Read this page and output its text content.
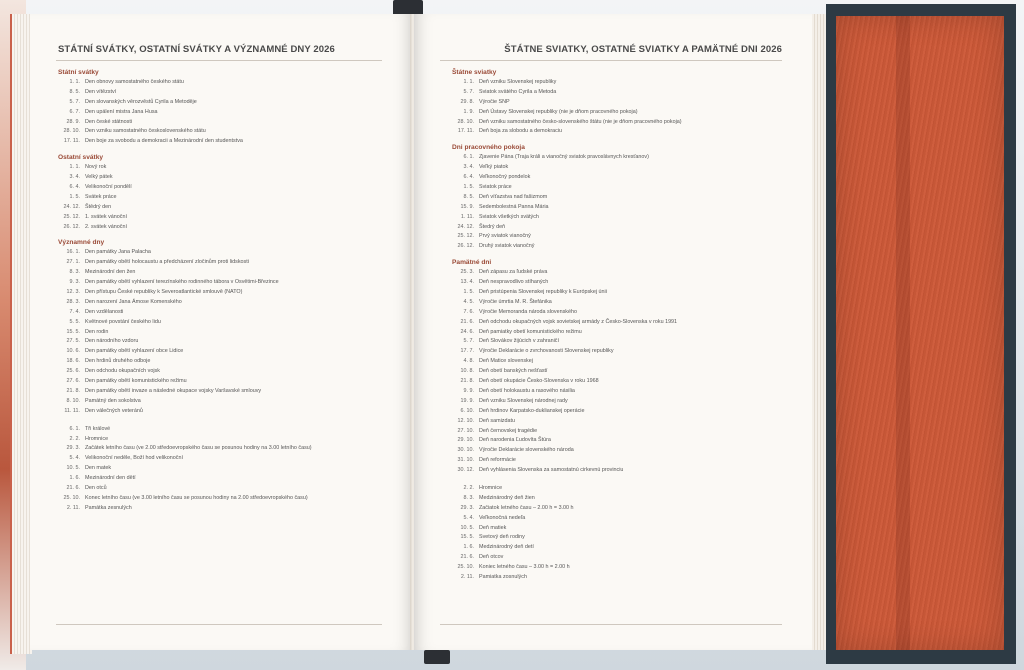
STÁTNÍ SVÁTKY, OSTATNÍ SVÁTKY A VÝZNAMNÉ DNY 2026
Státní svátky
1. 1. Den obnovy samostatného českého státu
8. 5. Den vítězství
5. 7. Den slovanských věrozvěstů Cyrila a Metoděje
6. 7. Den upálení mistra Jana Husa
28. 9. Den české státnosti
28. 10. Den vzniku samostatného československého státu
17. 11. Den boje za svobodu a demokracii a Mezinárodní den studentstva
Ostatní svátky
1. 1. Nový rok
3. 4. Velký pátek
6. 4. Velikonoční pondělí
1. 5. Svátek práce
24. 12. Štědrý den
25. 12. 1. svátek vánoční
26. 12. 2. svátek vánoční
Významné dny
16. 1. Den památky Jana Palacha
27. 1. Den památky obětí holocaustu a předcházení zločinům proti lidskosti
8. 3. Mezinárodní den žen
9. 3. Den památky obětí vyhlazení terezínského rodinného tábora v Osvětimi-Březince
12. 3. Den přístupu České republiky k Severoatlantické smlouvě (NATO)
28. 3. Den narození Jana Ámose Komenského
7. 4. Den vzdělanosti
5. 5. Květnové povstání českého lidu
15. 5. Den rodin
27. 5. Den národního vzdoru
10. 6. Den památky obětí vyhlazení obce Lidice
18. 6. Den hrdinů druhého odboje
25. 6. Den odchodu okupačních vojsk
27. 6. Den památky obětí komunistického režimu
21. 8. Den památky obětí invaze a následné okupace vojsky Varšavské smlouvy
8. 10. Památný den sokolstva
11. 11. Den válečných veteránů
6. 1. Tři králové
2. 2. Hromnice
29. 3. Začátek letního času (ve 2.00 středoevropského času se posunou hodiny na 3.00 letního času)
5. 4. Velikonoční neděle, Boží hod velikonoční
10. 5. Den matek
1. 6. Mezinárodní den dětí
21. 6. Den otců
25. 10. Konec letního času (ve 3.00 letního času se posunou hodiny na 2.00 středoevropského času)
2. 11. Památka zesnulých
ŠTÁTNE SVIATKY, OSTATNÉ SVIATKY A PAMÄTNÉ DNI 2026
Štátne sviatky
1. 1. Deň vzniku Slovenskej republiky
5. 7. Sviatok svätého Cyrila a Metoda
29. 8. Výročie SNP
1. 9. Deň Ústavy Slovenskej republiky (nie je dňom pracovného pokoja)
28. 10. Deň vzniku samostatného česko-slovenského štátu (nie je dňom pracovného pokoja)
17. 11. Deň boja za slobodu a demokraciu
Dni pracovného pokoja
6. 1. Zjavenie Pána (Traja králi a vianočný sviatok pravoslávnych kresťanov)
3. 4. Veľký piatok
6. 4. Veľkonočný pondelok
1. 5. Sviatok práce
8. 5. Deň víťazstva nad fašizmom
15. 9. Sedembolestná Panna Mária
1. 11. Sviatok všetkých svätých
24. 12. Štedrý deň
25. 12. Prvý sviatok vianočný
26. 12. Druhý sviatok vianočný
Pamätné dni
25. 3. Deň zápasu za ľudské práva
13. 4. Deň nespravodlivo stíhaných
1. 5. Deň pristúpenia Slovenskej republiky k Európskej únii
4. 5. Výročie úmrtia M. R. Štefánika
7. 6. Výročie Memoranda národa slovenského
21. 6. Deň odchodu okupačných vojsk sovietskej armády z Česko-Slovenska v roku 1991
24. 6. Deň pamiatky obetí komunistického režimu
5. 7. Deň Slovákov žijúcich v zahraničí
17. 7. Výročie Deklarácie o zvrchovanosti Slovenskej republiky
4. 8. Deň Matice slovenskej
10. 8. Deň obetí banských nešťastí
21. 8. Deň obetí okupácie Česko-Slovenska v roku 1968
9. 9. Deň obetí holokaustu a rasového násilia
19. 9. Deň vzniku Slovenskej národnej rady
6. 10. Deň hrdinov Karpatsko-duklianskej operácie
12. 10. Deň samizdatu
27. 10. Deň černovskej tragédie
29. 10. Deň narodenia Ľudovíta Štúra
30. 10. Výročie Deklarácie slovenského národa
31. 10. Deň reformácie
30. 12. Deň vyhlásenia Slovenska za samostatnú cirkevnú provinciu
2. 2. Hromnice
8. 3. Medzinárodný deň žien
29. 3. Začiatok letného času – 2.00 h = 3.00 h
5. 4. Veľkonočná nedeľa
10. 5. Deň matiek
15. 5. Svetový deň rodiny
1. 6. Medzinárodný deň detí
21. 6. Deň otcov
25. 10. Koniec letného času – 3.00 h = 2.00 h
2. 11. Pamiatka zosnulých
